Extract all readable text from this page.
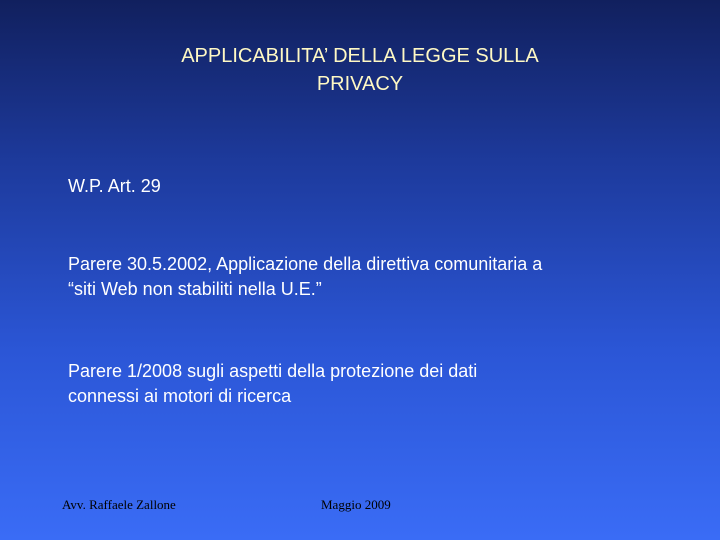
APPLICABILITA’ DELLA LEGGE SULLA
PRIVACY

W.P. Art. 29

Parere 30.5.2002, Applicazione della direttiva comunitaria a
“siti Web non stabiliti nella U.E.”

Parere 1/2008 sugli aspetti della protezione dei dati
connessi ai motori di ricerca

Avv. Raffaele Zallone	Maggio 2009
